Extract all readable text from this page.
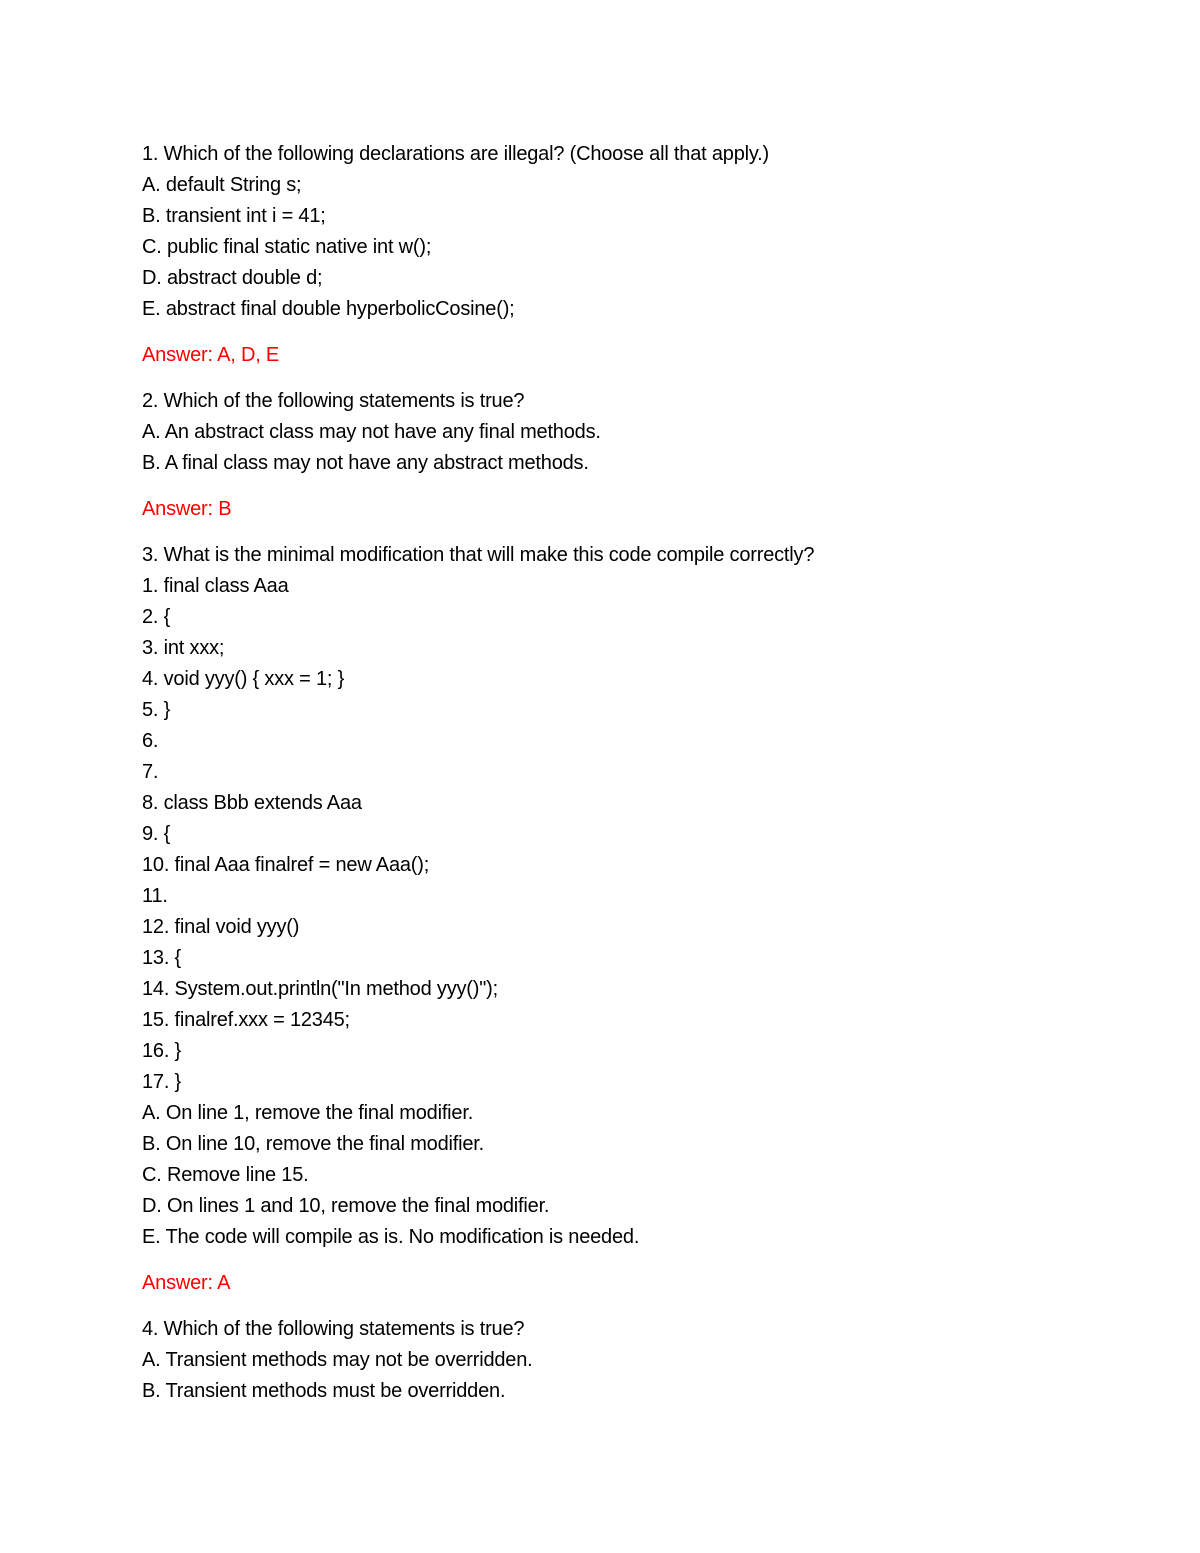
1. Which of the following declarations are illegal? (Choose all that apply.)
A. default String s;
B. transient int i = 41;
C. public final static native int w();
D. abstract double d;
E. abstract final double hyperbolicCosine();
Answer: A, D, E
2. Which of the following statements is true?
A. An abstract class may not have any final methods.
B. A final class may not have any abstract methods.
Answer: B
3. What is the minimal modification that will make this code compile correctly?
1. final class Aaa
2. {
3. int xxx;
4. void yyy() { xxx = 1; }
5. }
6.
7.
8. class Bbb extends Aaa
9. {
10. final Aaa finalref = new Aaa();
11.
12. final void yyy()
13. {
14. System.out.println("In method yyy()");
15. finalref.xxx = 12345;
16. }
17. }
A. On line 1, remove the final modifier.
B. On line 10, remove the final modifier.
C. Remove line 15.
D. On lines 1 and 10, remove the final modifier.
E. The code will compile as is. No modification is needed.
Answer: A
4. Which of the following statements is true?
A. Transient methods may not be overridden.
B. Transient methods must be overridden.
